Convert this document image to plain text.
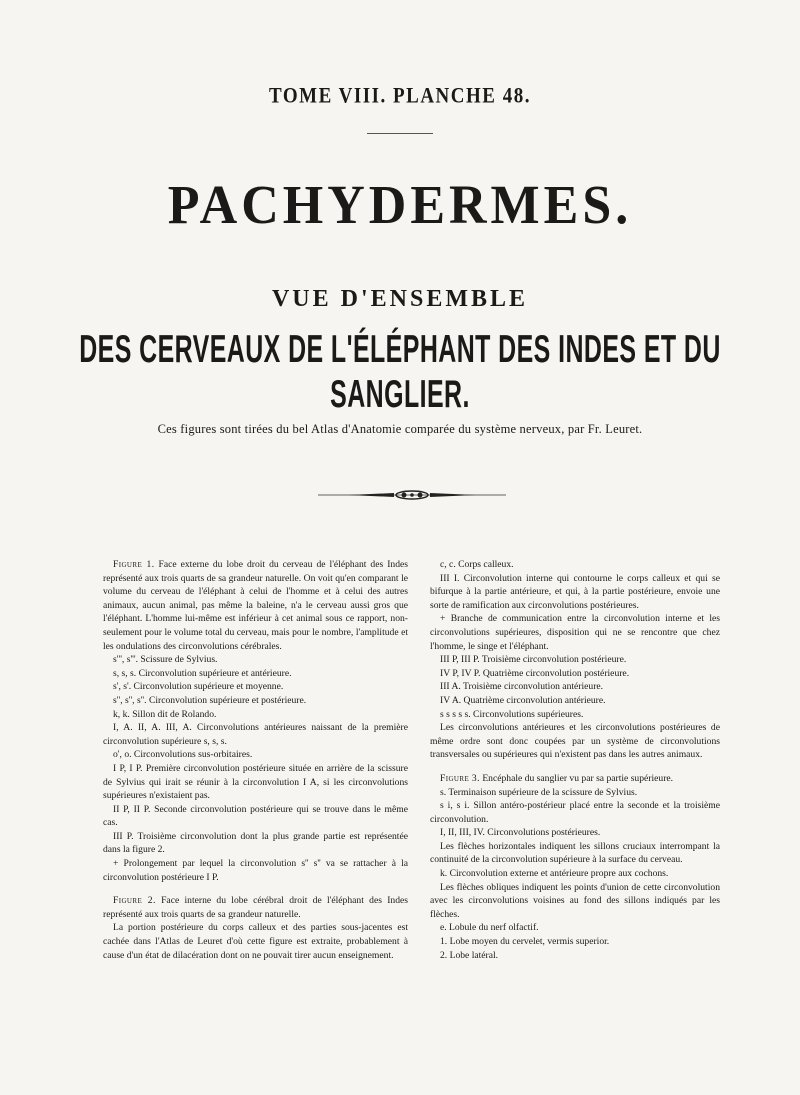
TOME VIII. PLANCHE 48.
PACHYDERMES.
VUE D'ENSEMBLE
DES CERVEAUX DE L'ÉLÉPHANT DES INDES ET DU SANGLIER.
Ces figures sont tirées du bel Atlas d'Anatomie comparée du système nerveux, par Fr. Leuret.

Figure 1. Face externe du lobe droit du cerveau de l'éléphant des Indes représenté aux trois quarts de sa grandeur naturelle. On voit qu'en comparant le volume du cerveau de l'éléphant à celui de l'homme et à celui des autres animaux, aucun animal, pas même la baleine, n'a le cerveau aussi gros que l'éléphant. L'homme lui-même est inférieur à cet animal sous ce rapport, non-seulement pour le volume total du cerveau, mais pour le nombre, l'amplitude et les ondulations des circonvolutions cérébrales.

s''', s'''. Scissure de Sylvius.

s, s, s. Circonvolution supérieure et antérieure.

s', s'. Circonvolution supérieure et moyenne.

s'', s'', s''. Circonvolution supérieure et postérieure.

k, k. Sillon dit de Rolando.

I, A. II, A. III, A. Circonvolutions antérieures naissant de la première circonvolution supérieure s, s, s.

o', o. Circonvolutions sus-orbitaires.

I P, I P. Première circonvolution postérieure située en arrière de la scissure de Sylvius qui irait se réunir à la circonvolution I A, si les circonvolutions supérieures n'existaient pas.

II P, II P. Seconde circonvolution postérieure qui se trouve dans le même cas.

III P. Troisième circonvolution dont la plus grande partie est représentée dans la figure 2.

+ Prolongement par lequel la circonvolution s'' s'' va se rattacher à la circonvolution postérieure I P.

Figure 2. Face interne du lobe cérébral droit de l'éléphant des Indes représenté aux trois quarts de sa grandeur naturelle.

La portion postérieure du corps calleux et des parties sous-jacentes est cachée dans l'Atlas de Leuret d'où cette figure est extraite, probablement à cause d'un état de dilacération dont on ne pouvait tirer aucun enseignement.

c, c. Corps calleux.

III I. Circonvolution interne qui contourne le corps calleux et qui se bifurque à la partie antérieure, et qui, à la partie postérieure, envoie une sorte de ramification aux circonvolutions postérieures.

+ Branche de communication entre la circonvolution interne et les circonvolutions supérieures, disposition qui ne se rencontre que chez l'homme, le singe et l'éléphant.

III P, III P. Troisième circonvolution postérieure.

IV P, IV P. Quatrième circonvolution postérieure.

III A. Troisième circonvolution antérieure.

IV A. Quatrième circonvolution antérieure.

s s s s s. Circonvolutions supérieures.

Les circonvolutions antérieures et les circonvolutions postérieures de même ordre sont donc coupées par un système de circonvolutions transversales ou supérieures qui n'existent pas dans les autres animaux.

Figure 3. Encéphale du sanglier vu par sa partie supérieure.

s. Terminaison supérieure de la scissure de Sylvius.

s i, s i. Sillon antéro-postérieur placé entre la seconde et la troisième circonvolution.

I, II, III, IV. Circonvolutions postérieures.

Les flèches horizontales indiquent les sillons cruciaux interrompant la continuité de la circonvolution supérieure à la surface du cerveau.

k. Circonvolution externe et antérieure propre aux cochons.

Les flèches obliques indiquent les points d'union de cette circonvolution avec les circonvolutions voisines au fond des sillons indiqués par les flèches.

e. Lobule du nerf olfactif.

1. Lobe moyen du cervelet, vermis superior.

2. Lobe latéral.
